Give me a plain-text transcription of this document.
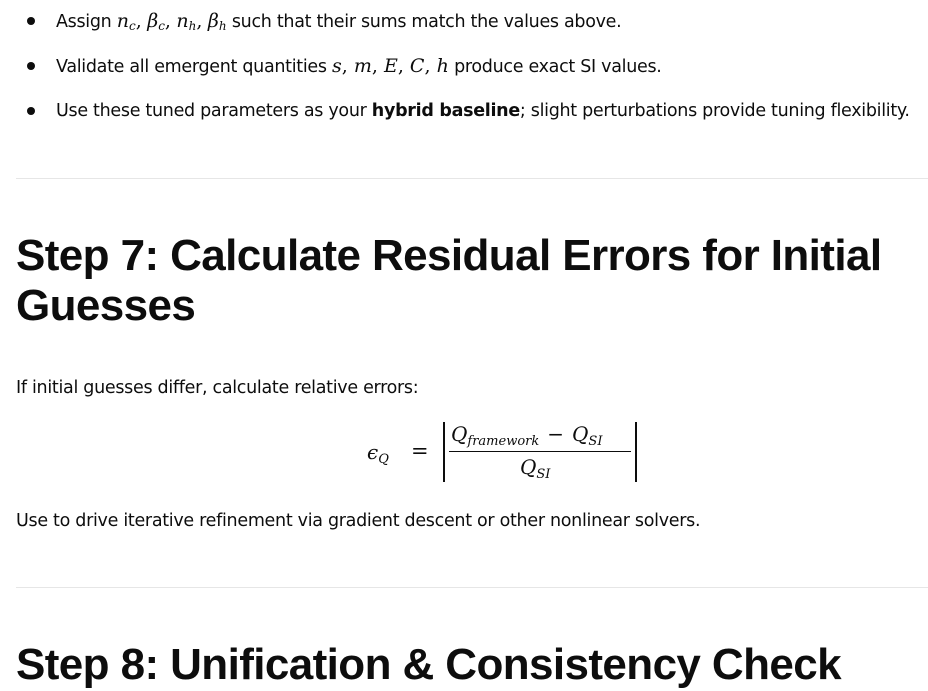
Assign $n_c$, $\beta_c$, $n_h$, $\beta_h$ such that their sums match the values above.
Validate all emergent quantities s, m, E, C, h produce exact SI values.
Use these tuned parameters as your hybrid baseline; slight perturbations provide tuning flexibility.
Step 7: Calculate Residual Errors for Initial Guesses

If initial guesses differ, calculate relative errors:

$\epsilon_Q$ =
$Q_{framework} - Q_{SI}$
$Q_{SI}$

Use to drive iterative refinement via gradient descent or other nonlinear solvers.

Step 8: Unification & Consistency Check
